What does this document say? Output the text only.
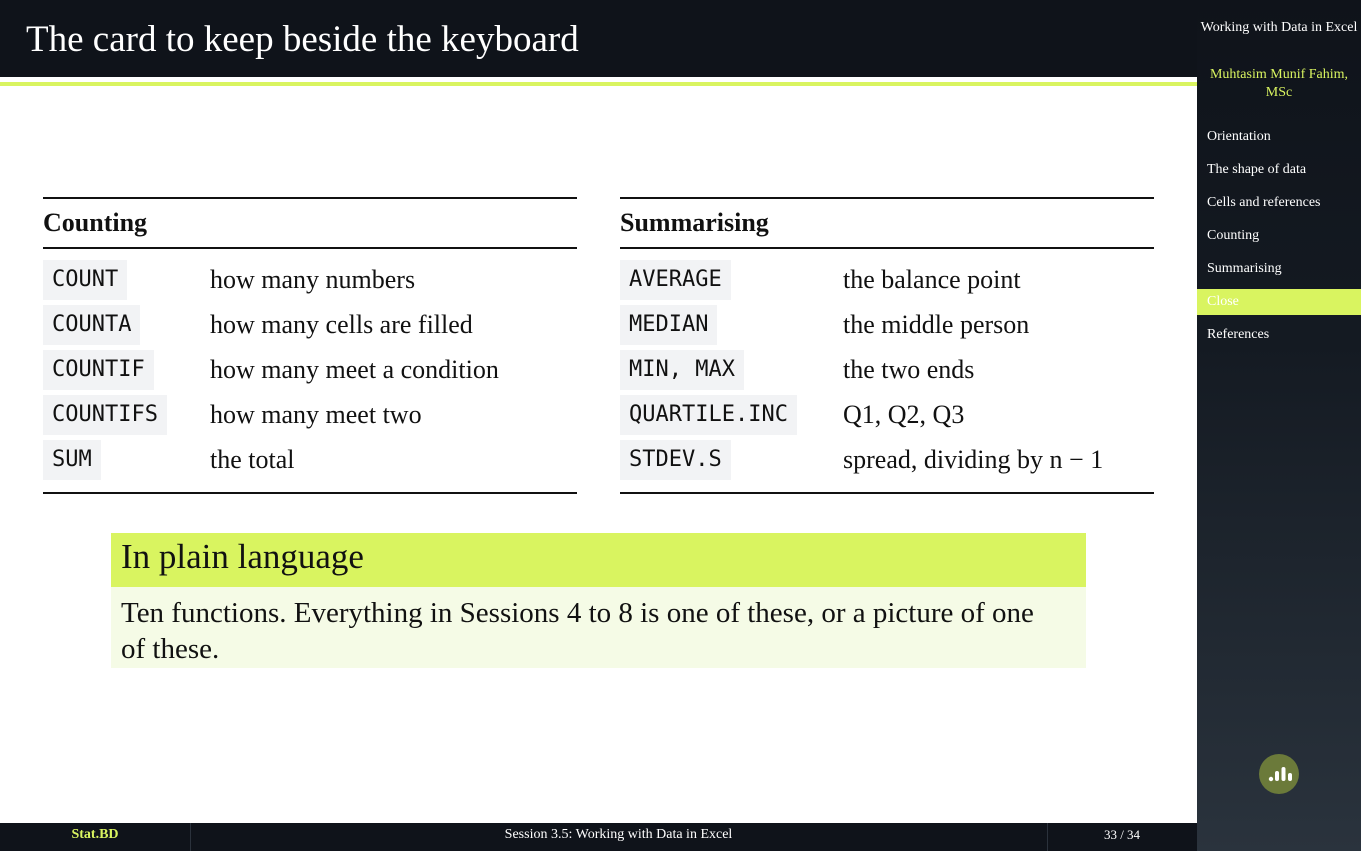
The card to keep beside the keyboard	Working with Data in Excel
Muhtasim Munif Fahim, MSc
Orientation
The shape of data
Cells and references
Counting
Summarising
Close
References
Counting
COUNT	how many numbers
COUNTA	how many cells are filled
COUNTIF	how many meet a condition
COUNTIFS	how many meet two
SUM	the total
Summarising
AVERAGE	the balance point
MEDIAN	the middle person
MIN, MAX	the two ends
QUARTILE.INC	Q1, Q2, Q3
STDEV.S	spread, dividing by n − 1
In plain language
Ten functions. Everything in Sessions 4 to 8 is one of these, or a picture of one of these.
Stat.BD	Session 3.5: Working with Data in Excel	33 / 34
